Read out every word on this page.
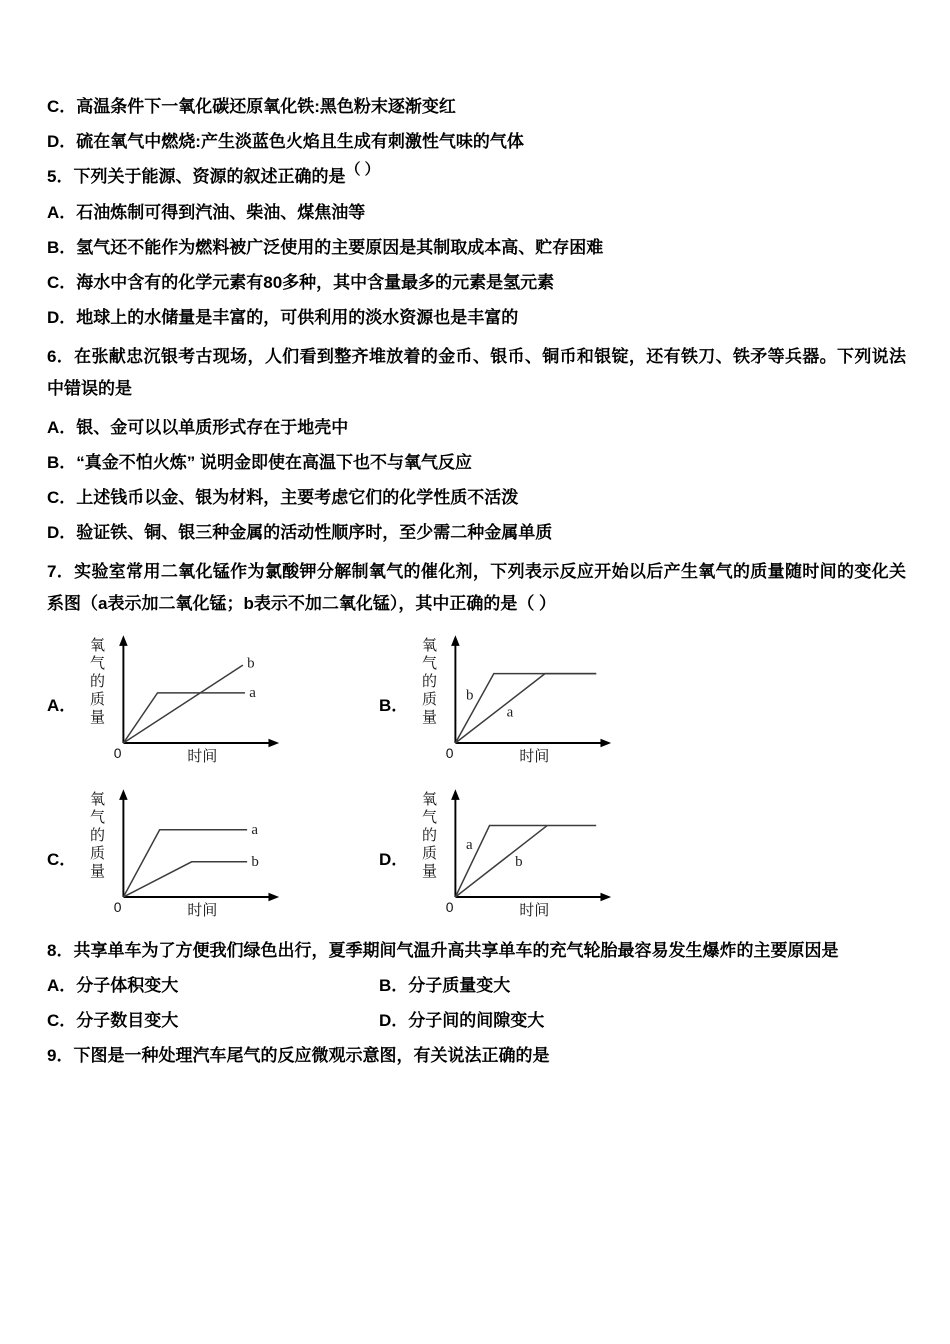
C．高温条件下一氧化碳还原氧化铁:黑色粉末逐渐变红

D．硫在氧气中燃烧:产生淡蓝色火焰且生成有刺激性气味的气体

5．下列关于能源、资源的叙述正确的是（ ）

A．石油炼制可得到汽油、柴油、煤焦油等

B．氢气还不能作为燃料被广泛使用的主要原因是其制取成本高、贮存困难

C．海水中含有的化学元素有80多种，其中含量最多的元素是氢元素

D．地球上的水储量是丰富的，可供利用的淡水资源也是丰富的

6．在张献忠沉银考古现场，人们看到整齐堆放着的金币、银币、铜币和银锭，还有铁刀、铁矛等兵器。下列说法中错误的是

A．银、金可以以单质形式存在于地壳中

B．“真金不怕火炼” 说明金即使在高温下也不与氧气反应

C．上述钱币以金、银为材料，主要考虑它们的化学性质不活泼

D．验证铁、铜、银三种金属的活动性顺序时，至少需二种金属单质

7．实验室常用二氧化锰作为氯酸钾分解制氧气的催化剂，下列表示反应开始以后产生氧气的质量随时间的变化关系图（a表示加二氧化锰；b表示不加二氧化锰），其中正确的是（ ）

A． 氧气的质量	a
b
0	时间
B． 氧气的质量	a
b
0	时间
C． 氧气的质量	a
b
0	时间
D． 氧气的质量 a
b
0	时间

8．共享单车为了方便我们绿色出行，夏季期间气温升高共享单车的充气轮胎最容易发生爆炸的主要原因是

A．分子体积变大	B．分子质量变大

C．分子数目变大	D．分子间的间隙变大

9．下图是一种处理汽车尾气的反应微观示意图，有关说法正确的是
